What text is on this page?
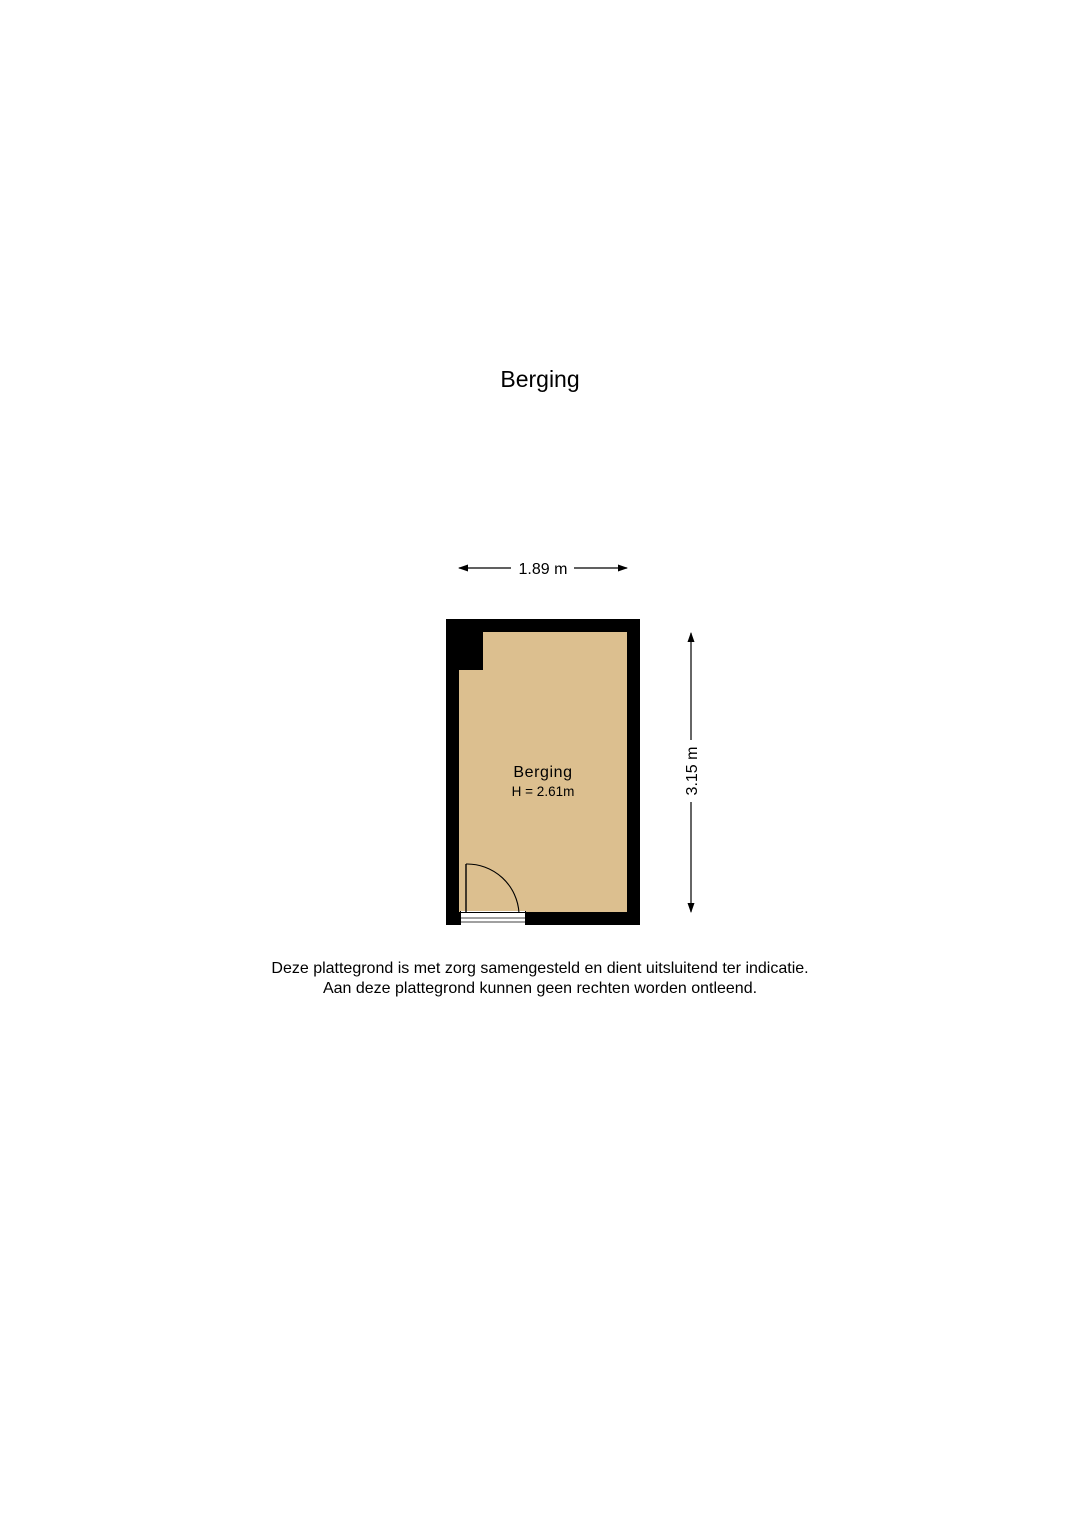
Berging
1.89 m
3.15 m
Berging
H = 2.61m
Deze plattegrond is met zorg samengesteld en dient uitsluitend ter indicatie.
Aan deze plattegrond kunnen geen rechten worden ontleend.
